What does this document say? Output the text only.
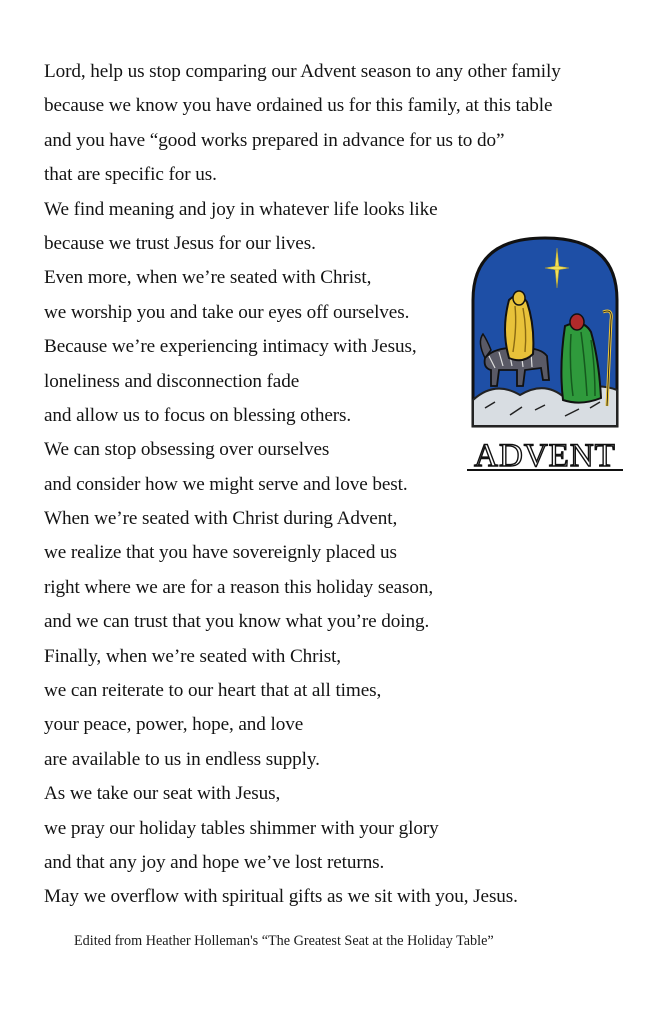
Lord, help us stop comparing our Advent season to any other family
because we know you have ordained us for this family, at this table
and you have “good works prepared in advance for us to do”
that are specific for us.
We find meaning and joy in whatever life looks like
because we trust Jesus for our lives.
Even more, when we’re seated with Christ,
we worship you and take our eyes off ourselves.
Because we’re experiencing intimacy with Jesus,
loneliness and disconnection fade
and allow us to focus on blessing others.
We can stop obsessing over ourselves
and consider how we might serve and love best.
When we’re seated with Christ during Advent,
we realize that you have sovereignly placed us
right where we are for a reason this holiday season,
and we can trust that you know what you’re doing.
Finally, when we’re seated with Christ,
we can reiterate to our heart that at all times,
your peace, power, hope, and love
are available to us in endless supply.
As we take our seat with Jesus,
we pray our holiday tables shimmer with your glory
and that any joy and hope we’ve lost returns.
May we overflow with spiritual gifts as we sit with you, Jesus.
ADVENT
Edited from Heather Holleman's “The Greatest Seat at the Holiday Table”
